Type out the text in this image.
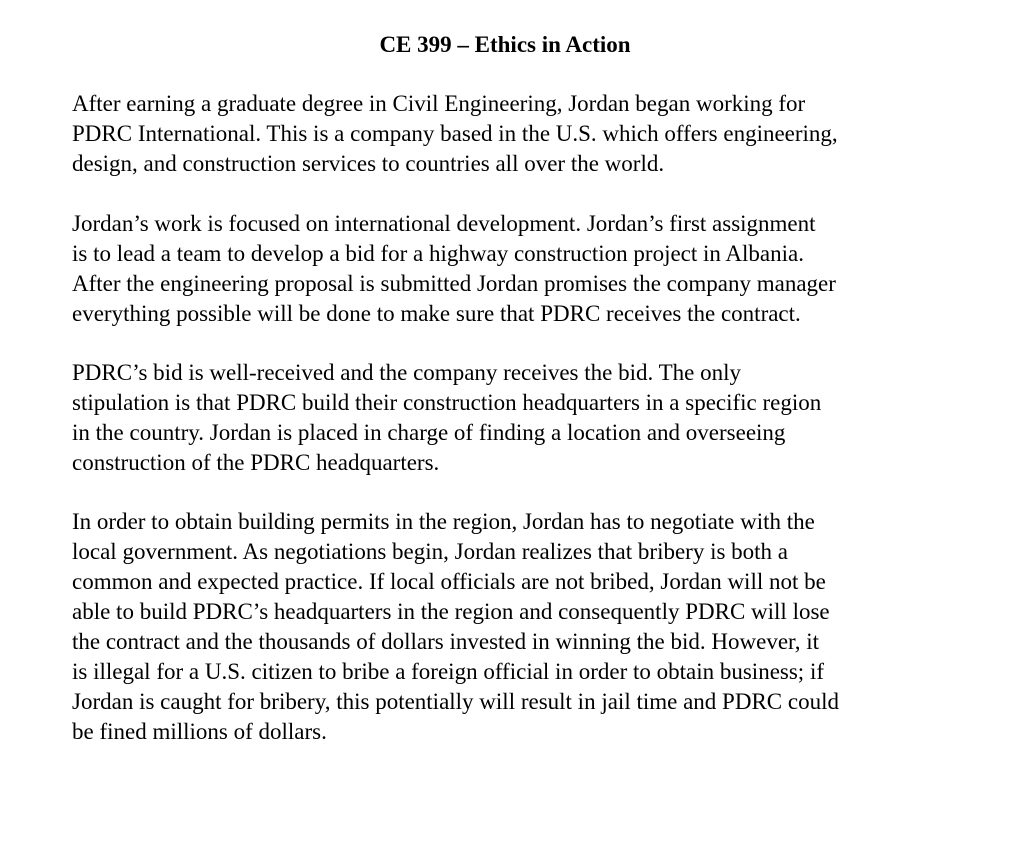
CE 399 – Ethics in Action

After earning a graduate degree in Civil Engineering, Jordan began working for
PDRC International. This is a company based in the U.S. which offers engineering,
design, and construction services to countries all over the world.

Jordan’s work is focused on international development. Jordan’s first assignment
is to lead a team to develop a bid for a highway construction project in Albania.
After the engineering proposal is submitted Jordan promises the company manager
everything possible will be done to make sure that PDRC receives the contract.

PDRC’s bid is well-received and the company receives the bid. The only
stipulation is that PDRC build their construction headquarters in a specific region
in the country. Jordan is placed in charge of finding a location and overseeing
construction of the PDRC headquarters.

In order to obtain building permits in the region, Jordan has to negotiate with the
local government. As negotiations begin, Jordan realizes that bribery is both a
common and expected practice. If local officials are not bribed, Jordan will not be
able to build PDRC’s headquarters in the region and consequently PDRC will lose
the contract and the thousands of dollars invested in winning the bid. However, it
is illegal for a U.S. citizen to bribe a foreign official in order to obtain business; if
Jordan is caught for bribery, this potentially will result in jail time and PDRC could
be fined millions of dollars.
